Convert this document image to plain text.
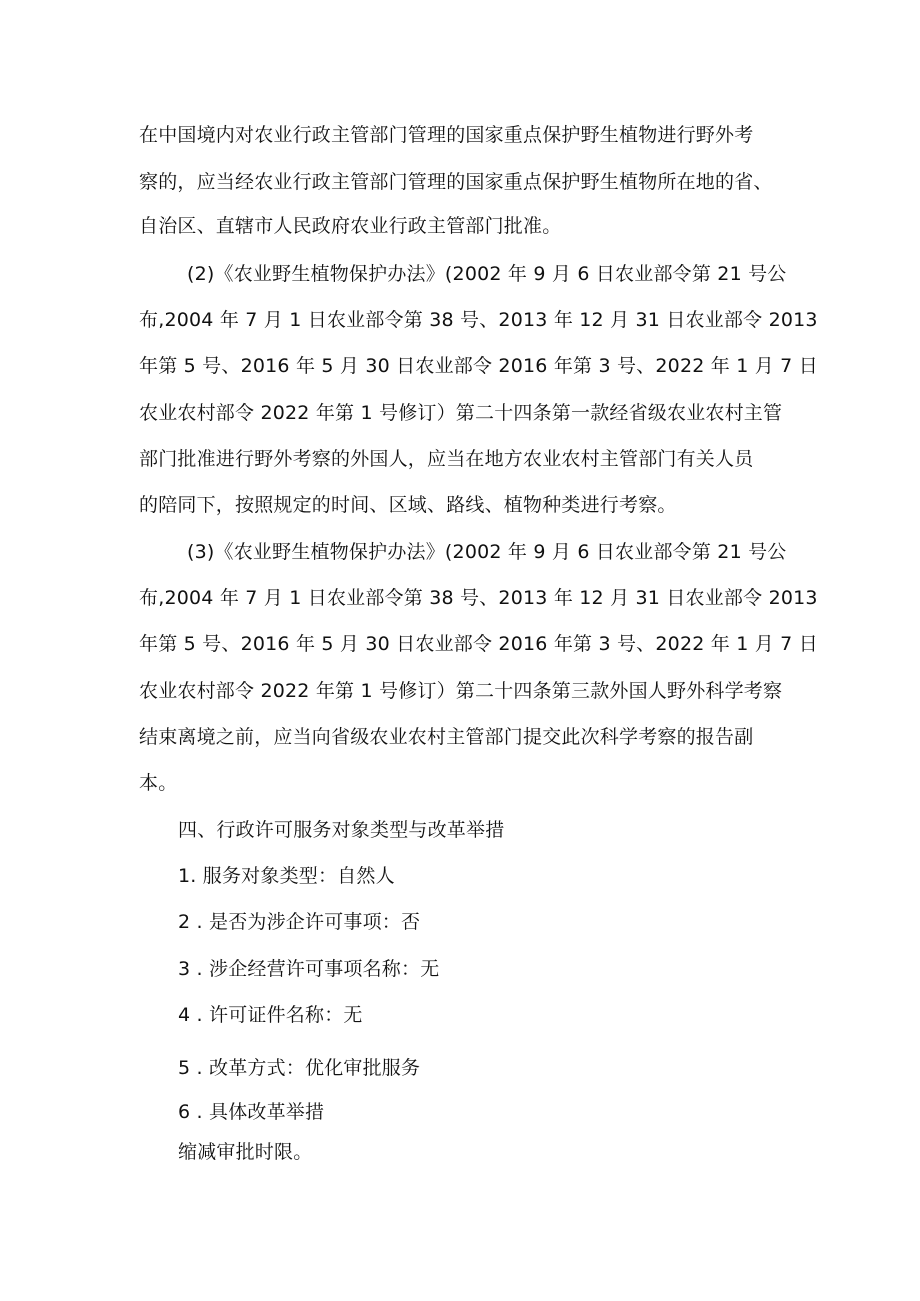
在中国境内对农业行政主管部门管理的国家重点保护野生植物进行野外考
察的，应当经农业行政主管部门管理的国家重点保护野生植物所在地的省、
自治区、直辖市人民政府农业行政主管部门批准。
(2)《农业野生植物保护办法》(2002 年 9 月 6 日农业部令第 21 号公
布,2004 年 7 月 1 日农业部令第 38 号、2013 年 12 月 31 日农业部令 2013
年第 5 号、2016 年 5 月 30 日农业部令 2016 年第 3 号、2022 年 1 月 7 日
农业农村部令 2022 年第 1 号修订）第二十四条第一款经省级农业农村主管
部门批准进行野外考察的外国人，应当在地方农业农村主管部门有关人员
的陪同下，按照规定的时间、区域、路线、植物种类进行考察。
(3)《农业野生植物保护办法》(2002 年 9 月 6 日农业部令第 21 号公
布,2004 年 7 月 1 日农业部令第 38 号、2013 年 12 月 31 日农业部令 2013
年第 5 号、2016 年 5 月 30 日农业部令 2016 年第 3 号、2022 年 1 月 7 日
农业农村部令 2022 年第 1 号修订）第二十四条第三款外国人野外科学考察
结束离境之前，应当向省级农业农村主管部门提交此次科学考察的报告副
本。
四、行政许可服务对象类型与改革举措
1. 服务对象类型：自然人
2 . 是否为涉企许可事项：否
3 . 涉企经营许可事项名称：无
4 . 许可证件名称：无
5 . 改革方式：优化审批服务
6 . 具体改革举措
缩减审批时限。
